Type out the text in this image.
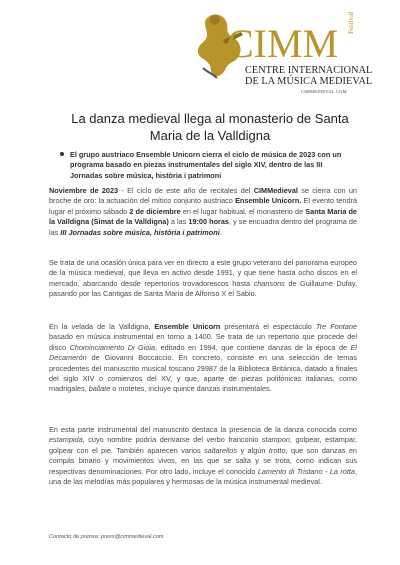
CIMM Festival
CENTRE INTERNACIONAL
DE LA MÚSICA MEDIEVAL
CIMMEDIEVAL.COM
La danza medieval llega al monasterio de Santa Maria de la Valldigna
El grupo austriaco Ensemble Unicorn cierra el ciclo de música de 2023 con un programa basado en piezas instrumentales del siglo XIV, dentro de las III Jornadas sobre música, història i patrimoni

Noviembre de 2023 - El ciclo de este año de recitales del CIMMedieval se cierra con un broche de oro: la actuación del mítico conjunto austriaco Ensemble Unicorn. El evento tendrá lugar el próximo sábado 2 de diciembre en el lugar habitual, el monasterio de Santa Maria de la Valldigna (Simat de la Valldigna) a las 19:00 horas, y se encuadra dentro del programa de las III Jornadas sobre música, història i patrimoni.

Se trata de una ocasión única para ver en directo a este grupo veterano del panorama europeo de la música medieval, que lleva en activo desde 1991, y que tiene hasta ocho discos en el mercado, abarcando desde repertorios trovadorescos hasta chansons de Guillaume Dufay, pasando por las Cantigas de Santa Maria de Alfonso X el Sabio.

En la velada de la Valldigna, Ensemble Unicorn presentará el espectáculo Tre Fontane basado en música instrumental en torno a 1400. Se trata de un repertorio que procede del disco Chominciamento Di Gioia, editado en 1994, que contiene danzas de la época de El Decamerón de Giovanni Boccaccio. En concreto, consiste en una selección de temas procedentes del manuscrito musical toscano 29987 de la Biblioteca Británica, datado a finales del siglo XIV o comienzos del XV, y que, aparte de piezas polifónicas italianas, como madrigales, ballate o motetes, incluye quince danzas instrumentales.

En esta parte instrumental del manuscrito destaca la presencia de la danza conocida como estampida, cuyo nombre podría derivarse del verbo franconio stampon, golpear, estampar, golpear con el pie. También aparecen varios saltarellos y algún trotto, que son danzas en compás binario y movimientos vivos, en las que se salta y se trota, como indican sus respectivas denominaciones. Por otro lado, incluye el conocido Lamento di Tristano - La rotta, una de las melodías más populares y hermosas de la música instrumental medieval.

Contacto de prensa: press@cimmedieval.com
